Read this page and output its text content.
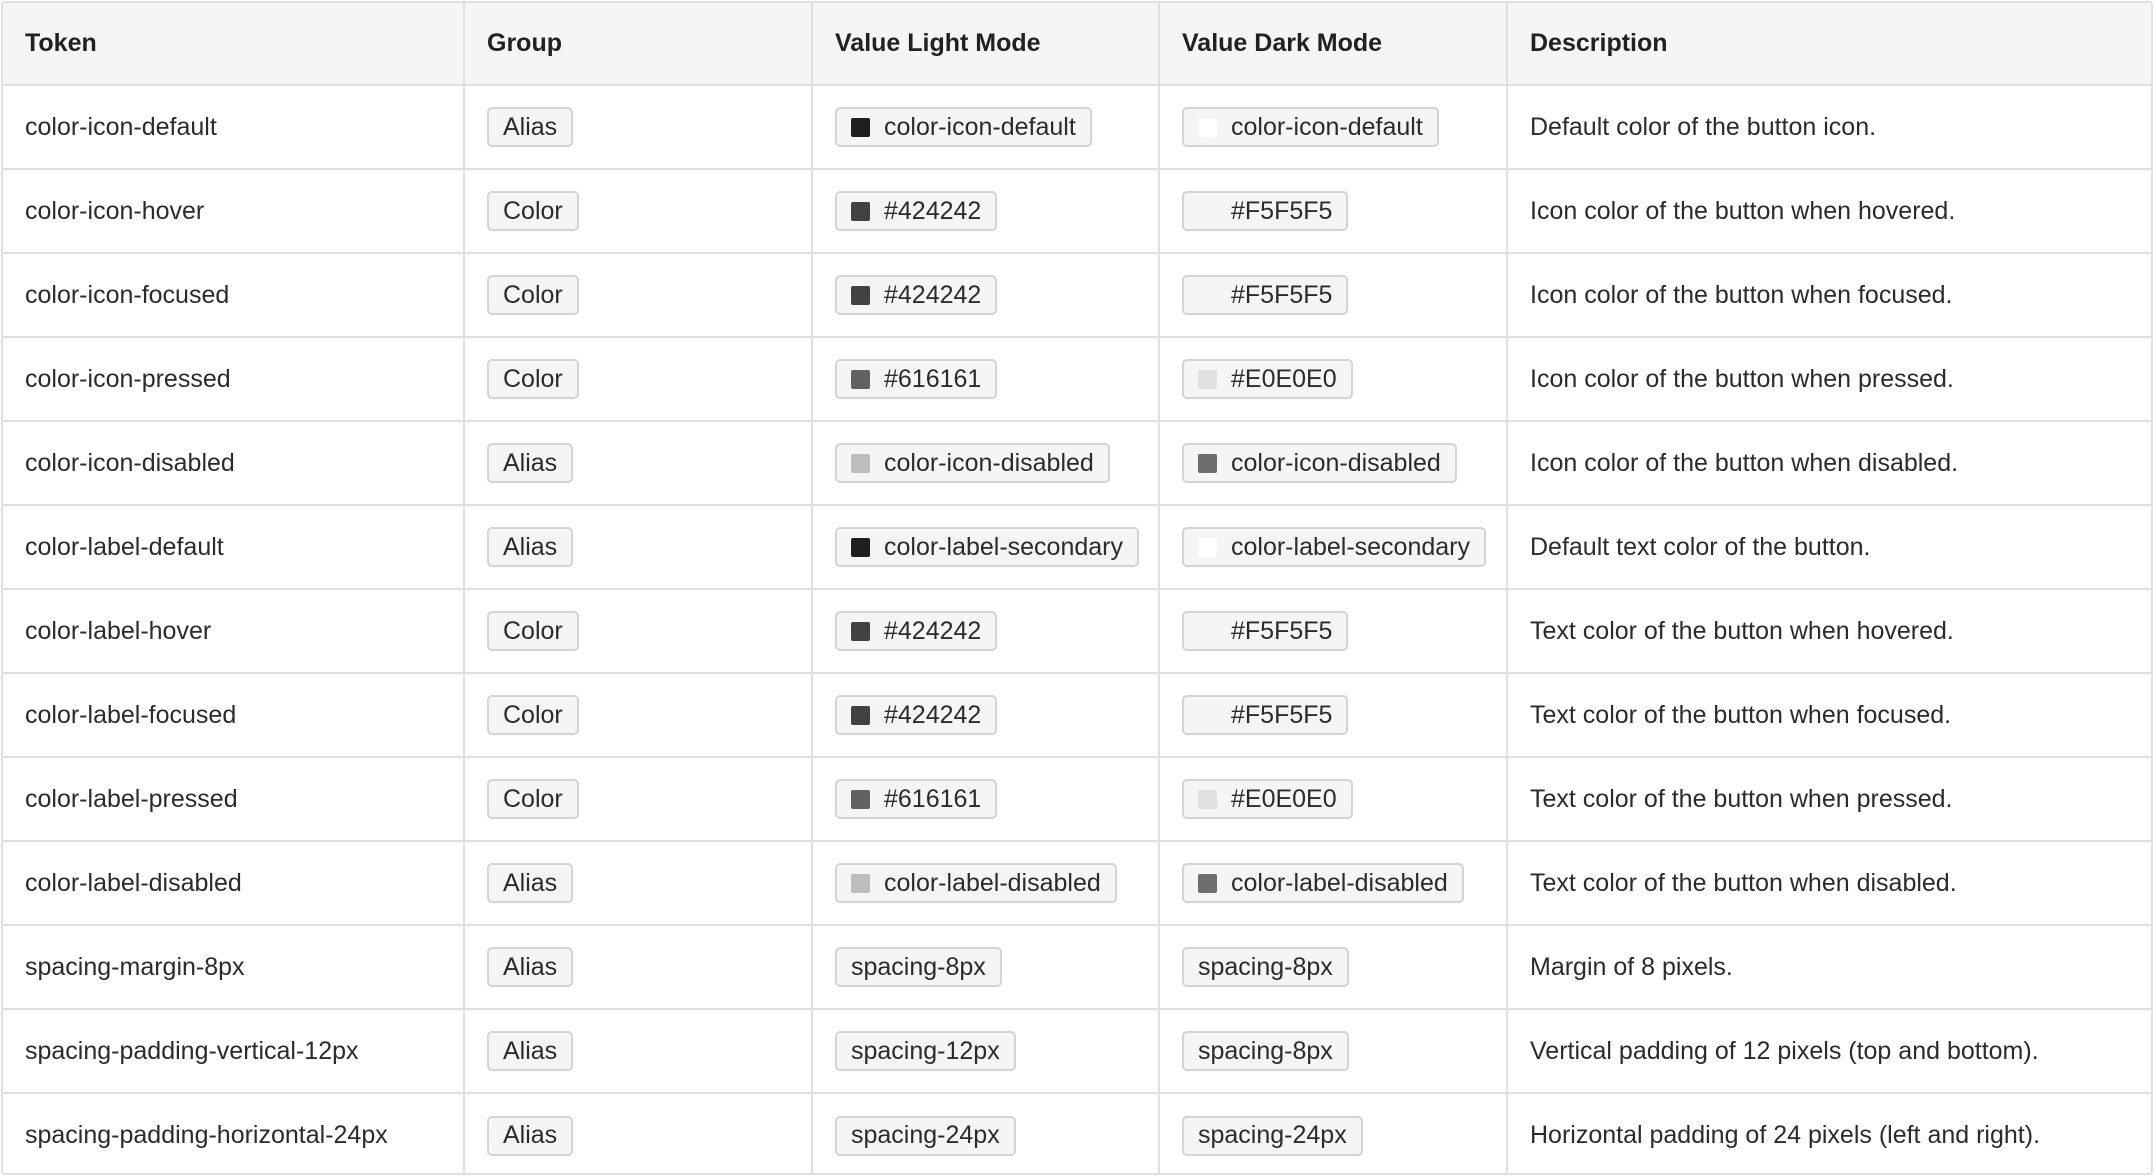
Token	Group	Value Light Mode	Value Dark Mode	Description
color-icon-default	Alias	color-icon-default	color-icon-default	Default color of the button icon.
color-icon-hover	Color	#424242	#F5F5F5	Icon color of the button when hovered.
color-icon-focused	Color	#424242	#F5F5F5	Icon color of the button when focused.
color-icon-pressed	Color	#616161	#E0E0E0	Icon color of the button when pressed.
color-icon-disabled	Alias	color-icon-disabled	color-icon-disabled	Icon color of the button when disabled.
color-label-default	Alias	color-label-secondary	color-label-secondary	Default text color of the button.
color-label-hover	Color	#424242	#F5F5F5	Text color of the button when hovered.
color-label-focused	Color	#424242	#F5F5F5	Text color of the button when focused.
color-label-pressed	Color	#616161	#E0E0E0	Text color of the button when pressed.
color-label-disabled	Alias	color-label-disabled	color-label-disabled	Text color of the button when disabled.
spacing-margin-8px	Alias	spacing-8px	spacing-8px	Margin of 8 pixels.
spacing-padding-vertical-12px	Alias	spacing-12px	spacing-8px	Vertical padding of 12 pixels (top and bottom).
spacing-padding-horizontal-24px	Alias	spacing-24px	spacing-24px	Horizontal padding of 24 pixels (left and right).
